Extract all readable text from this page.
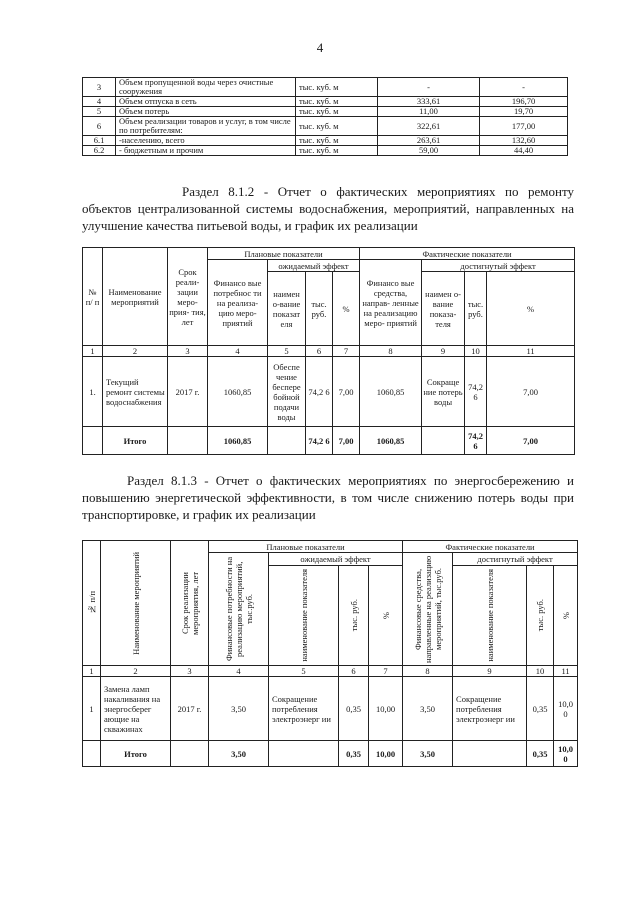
4
3	Объем пропущенной воды через очистные сооружения	тыс. куб. м	-	-
4	Объем отпуска в сеть	тыс. куб. м	333,61	196,70
5	Объем потерь	тыс. куб. м	11,00	19,70
6	Объем реализации товаров и услуг, в том числе по потребителям:	тыс. куб. м	322,61	177,00
6.1	-населению, всего	тыс. куб. м	263,61	132,60
6.2	- бюджетным и прочим	тыс. куб. м	59,00	44,40
Раздел 8.1.2 - Отчет о фактических мероприятиях по ремонту объектов централизованной системы водоснабжения, мероприятий, направленных на улучшение качества питьевой воды, и график их реализации
№ п/ п	Наименование мероприятий	Срок реали- зации меро- прия- тия, лет	Плановые показатели				Фактические показатели			
			Финансо вые потребнос ти на реализа- цию меро- приятий	ожидаемый эффект			Финансо вые средства, направ- ленные на реализацию меро- приятий	достигнутый эффект		
				наимен о-вание показат еля	тыс. руб.	%		наимен о-вание показа- теля	тыс. руб.	%
1	2	3	4	5	6	7	8	9	10	11
1.	Текущий ремонт системы водоснабжения	2017 г.	1060,85	Обеспе чение беспере бойной подачи воды	74,2 6	7,00	1060,85	Сокраще ние потерь воды	74,2 6	7,00
	Итого		1060,85		74,2 6	7,00	1060,85		74,2 6	7,00
Раздел 8.1.3 - Отчет о фактических мероприятиях по энергосбережению и повышению энергетической эффективности, в том числе снижению потерь воды при транспортировке, и график их реализации
№ п/п	Наименование мероприятий	Срок реализации мероприятия, лет	Плановые показатели				Фактические показатели			

			Финансовые потребности на реализацию мероприятий, тыс.руб.	ожидаемый эффект			Финансовые средства, направленные на реализацию мероприятий, тыс.руб.	достигнутый эффект		

				наименование показателя	тыс. руб.	%		наименование показателя	тыс. руб.	%

1	2	3	4	5	6	7	8	9	10	11
1	Замена ламп накаливания на энергосберег ающие на скважинах	2017 г.	3,50	Сокращение потребления электроэнерг ии	0,35	10,00	3,50	Сокращение потребления электроэнерг ии	0,35	10,0 0
	Итого		3,50		0,35	10,00	3,50		0,35	10,0 0
